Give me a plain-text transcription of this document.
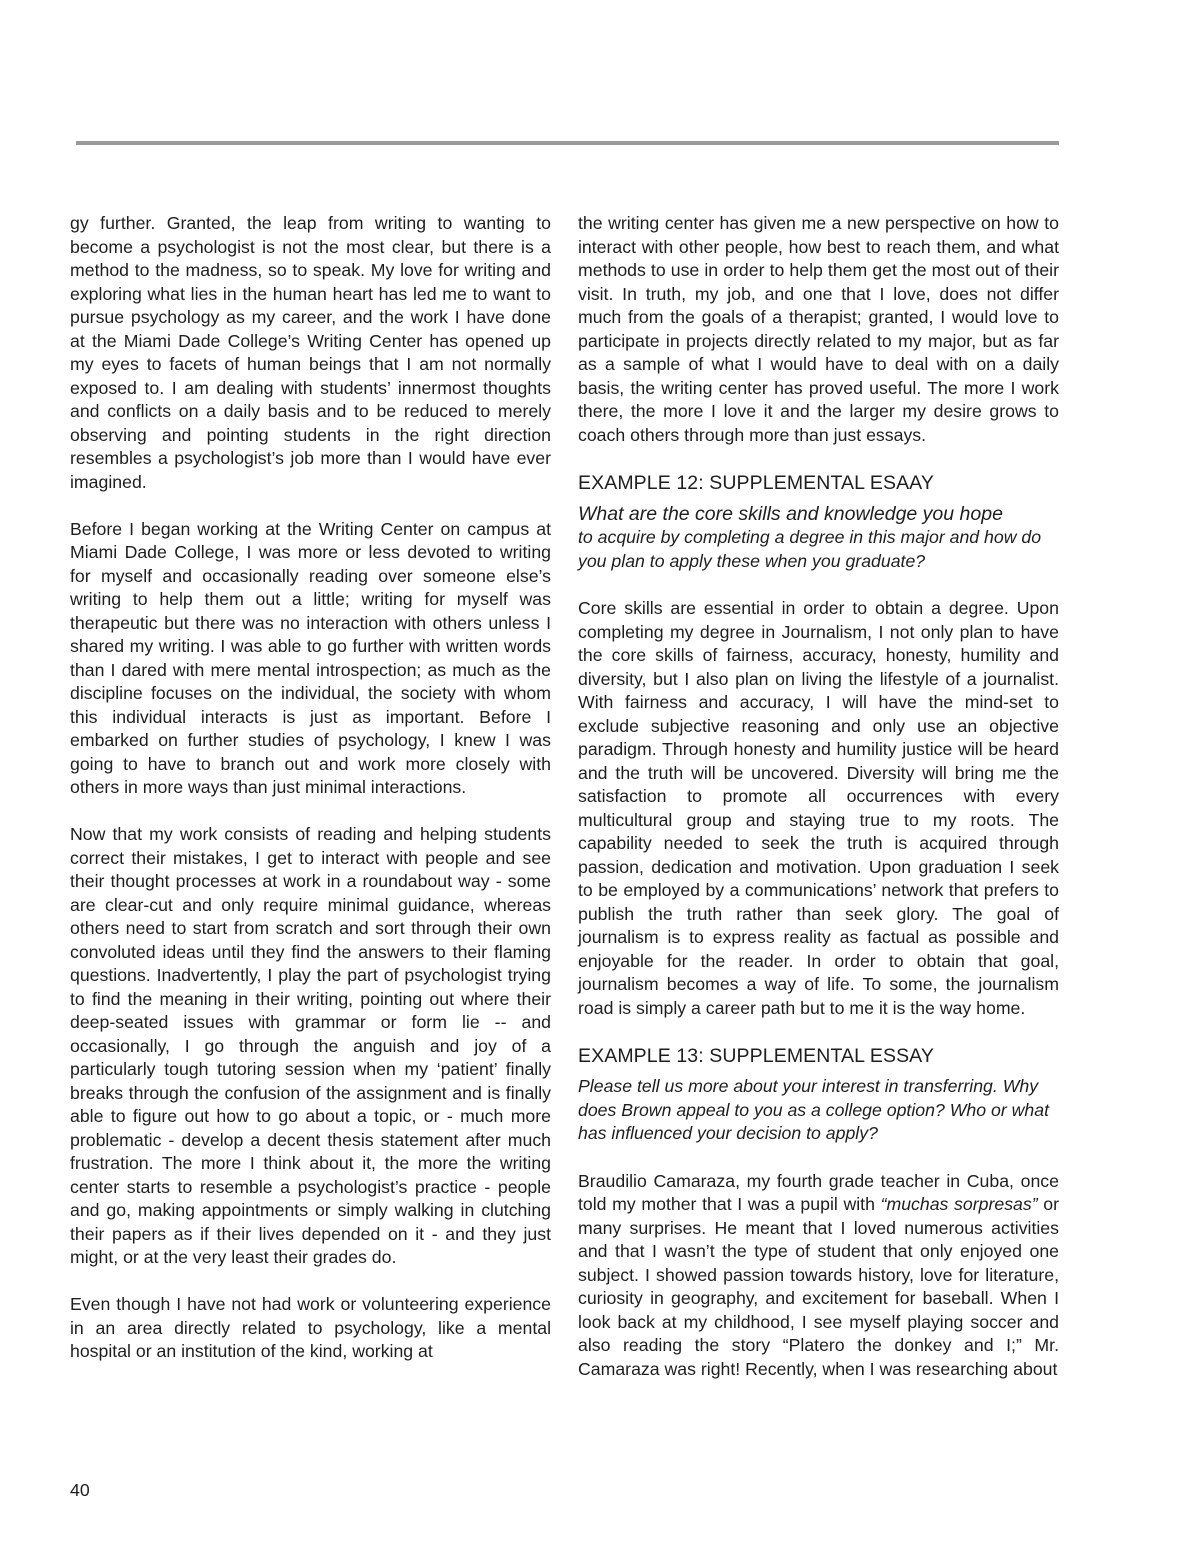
gy further. Granted, the leap from writing to wanting to become a psychologist is not the most clear, but there is a method to the madness, so to speak. My love for writing and exploring what lies in the human heart has led me to want to pursue psychology as my career, and the work I have done at the Miami Dade College’s Writing Center has opened up my eyes to facets of human beings that I am not normally exposed to. I am dealing with students’ innermost thoughts and conflicts on a daily basis and to be reduced to merely observing and pointing students in the right direction resembles a psychologist’s job more than I would have ever imagined.

Before I began working at the Writing Center on campus at Miami Dade College, I was more or less devoted to writing for myself and occasionally reading over someone else’s writing to help them out a little; writing for myself was therapeutic but there was no interaction with others unless I shared my writing. I was able to go further with written words than I dared with mere mental introspection; as much as the discipline focuses on the individual, the society with whom this individual interacts is just as important. Before I embarked on further studies of psychology, I knew I was going to have to branch out and work more closely with others in more ways than just minimal interactions.

Now that my work consists of reading and helping students correct their mistakes, I get to interact with people and see their thought processes at work in a roundabout way - some are clear-cut and only require minimal guidance, whereas others need to start from scratch and sort through their own convoluted ideas until they find the answers to their flaming questions. Inadvertently, I play the part of psychologist trying to find the meaning in their writing, pointing out where their deep-seated issues with grammar or form lie -- and occasionally, I go through the anguish and joy of a particularly tough tutoring session when my ‘patient’ finally breaks through the confusion of the assignment and is finally able to figure out how to go about a topic, or - much more problematic - develop a decent thesis statement after much frustration. The more I think about it, the more the writing center starts to resemble a psychologist’s practice - people and go, making appointments or simply walking in clutching their papers as if their lives depended on it - and they just might, or at the very least their grades do.

Even though I have not had work or volunteering experience in an area directly related to psychology, like a mental hospital or an institution of the kind, working at

the writing center has given me a new perspective on how to interact with other people, how best to reach them, and what methods to use in order to help them get the most out of their visit. In truth, my job, and one that I love, does not differ much from the goals of a therapist; granted, I would love to participate in projects directly related to my major, but as far as a sample of what I would have to deal with on a daily basis, the writing center has proved useful. The more I work there, the more I love it and the larger my desire grows to coach others through more than just essays.

EXAMPLE 12: SUPPLEMENTAL ESAAY
What are the core skills and knowledge you hope
to acquire by completing a degree in this major and how do you plan to apply these when you graduate?

Core skills are essential in order to obtain a degree. Upon completing my degree in Journalism, I not only plan to have the core skills of fairness, accuracy, honesty, humility and diversity, but I also plan on living the lifestyle of a journalist. With fairness and accuracy, I will have the mind-set to exclude subjective reasoning and only use an objective paradigm. Through honesty and humility justice will be heard and the truth will be uncovered. Diversity will bring me the satisfaction to promote all occurrences with every multicultural group and staying true to my roots. The capability needed to seek the truth is acquired through passion, dedication and motivation. Upon graduation I seek to be employed by a communications’ network that prefers to publish the truth rather than seek glory. The goal of journalism is to express reality as factual as possible and enjoyable for the reader. In order to obtain that goal, journalism becomes a way of life. To some, the journalism road is simply a career path but to me it is the way home.

EXAMPLE 13: SUPPLEMENTAL ESSAY
Please tell us more about your interest in transferring. Why does Brown appeal to you as a college option? Who or what has influenced your decision to apply?

Braudilio Camaraza, my fourth grade teacher in Cuba, once told my mother that I was a pupil with “muchas sorpresas” or many surprises. He meant that I loved numerous activities and that I wasn’t the type of student that only enjoyed one subject. I showed passion towards history, love for literature, curiosity in geography, and excitement for baseball. When I look back at my childhood, I see myself playing soccer and also reading the story “Platero the donkey and I;” Mr. Camaraza was right! Recently, when I was researching about

40
